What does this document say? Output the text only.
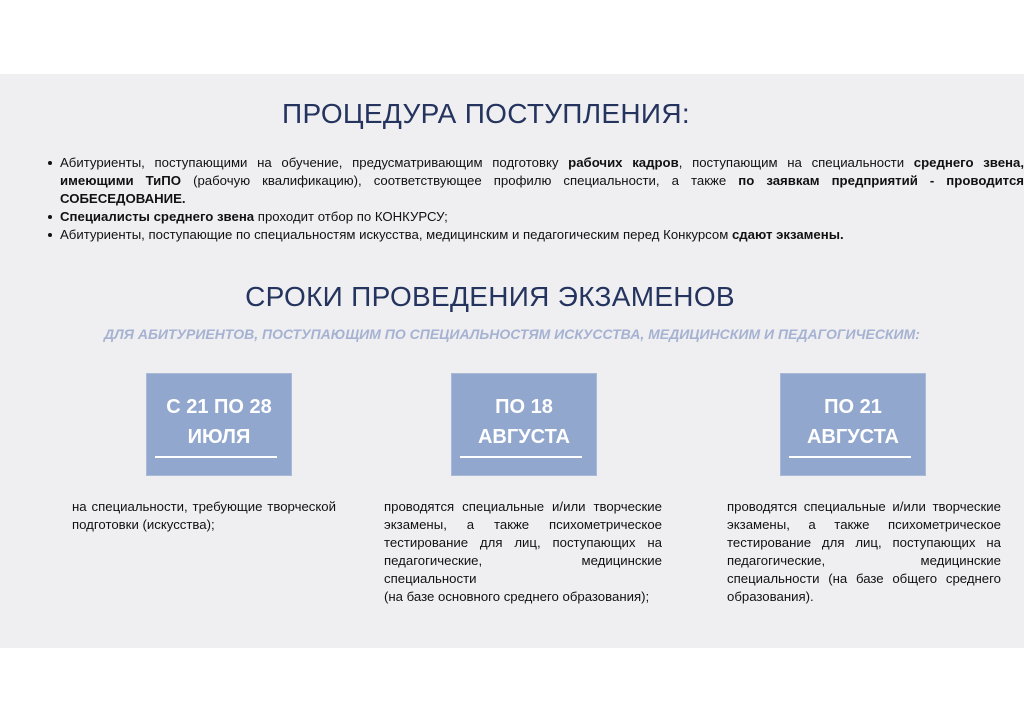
ПРОЦЕДУРА ПОСТУПЛЕНИЯ:
Абитуриенты, поступающими на обучение, предусматривающим подготовку рабочих кадров, поступающим на специальности среднего звена, имеющими ТиПО (рабочую квалификацию), соответствующее профилю специальности, а также по заявкам предприятий - проводится СОБЕСЕДОВАНИЕ.
Специалисты среднего звена проходит отбор по КОНКУРСУ;
Абитуриенты, поступающие по специальностям искусства, медицинским и педагогическим перед Конкурсом сдают экзамены.
СРОКИ ПРОВЕДЕНИЯ ЭКЗАМЕНОВ
ДЛЯ АБИТУРИЕНТОВ, ПОСТУПАЮЩИМ ПО СПЕЦИАЛЬНОСТЯМ ИСКУССТВА, МЕДИЦИНСКИМ И ПЕДАГОГИЧЕСКИМ:
С 21 ПО 28
ИЮЛЯ
ПО 18
АВГУСТА
ПО 21
АВГУСТА

на специальности, требующие творческой подготовки (искусства);

проводятся специальные и/или творческие экзамены, а также психометрическое тестирование для лиц, поступающих на педагогические, медицинские специальности

(на базе основного среднего образования);

проводятся специальные и/или творческие экзамены, а также психометрическое тестирование для лиц, поступающих на педагогические, медицинские специальности (на базе общего среднего образования).
